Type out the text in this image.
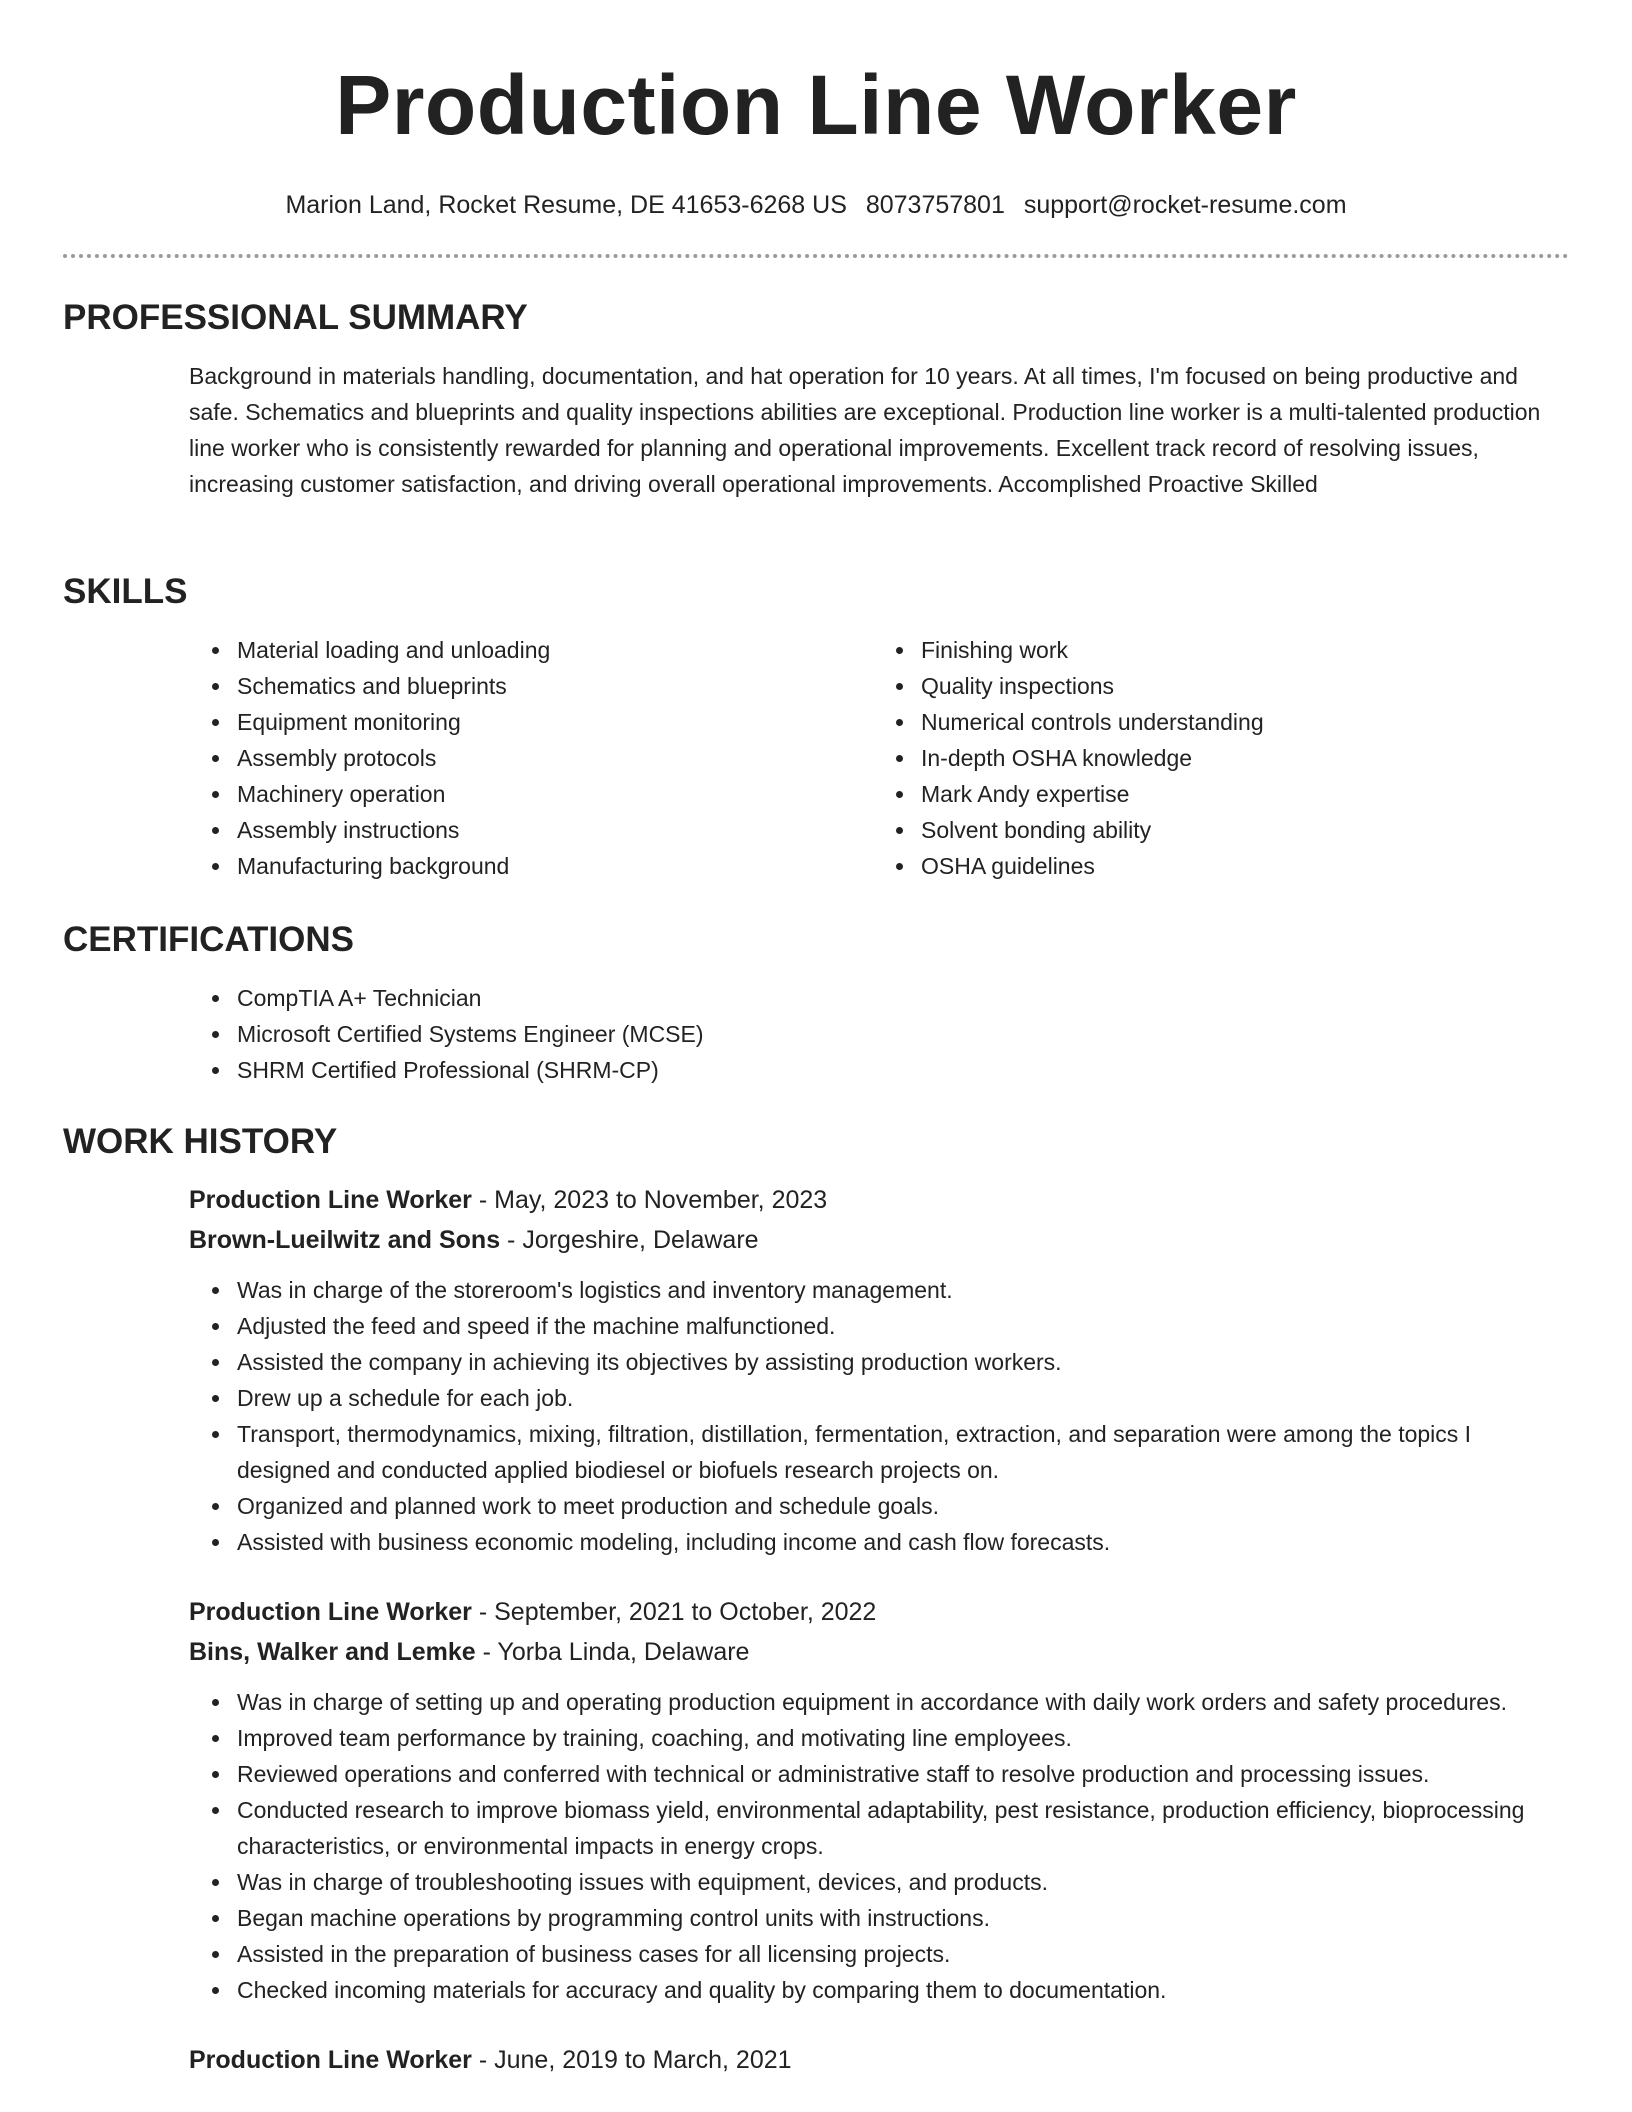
Production Line Worker
Marion Land, Rocket Resume, DE 41653-6268 US 8073757801 support@rocket-resume.com
PROFESSIONAL SUMMARY
Background in materials handling, documentation, and hat operation for 10 years. At all times, I'm focused on being productive and safe. Schematics and blueprints and quality inspections abilities are exceptional. Production line worker is a multi-talented production line worker who is consistently rewarded for planning and operational improvements. Excellent track record of resolving issues, increasing customer satisfaction, and driving overall operational improvements. Accomplished Proactive Skilled
SKILLS
• Material loading and unloading
• Schematics and blueprints
• Equipment monitoring
• Assembly protocols
• Machinery operation
• Assembly instructions
• Manufacturing background
• Finishing work
• Quality inspections
• Numerical controls understanding
• In-depth OSHA knowledge
• Mark Andy expertise
• Solvent bonding ability
• OSHA guidelines
CERTIFICATIONS
• CompTIA A+ Technician
• Microsoft Certified Systems Engineer (MCSE)
• SHRM Certified Professional (SHRM-CP)
WORK HISTORY
Production Line Worker - May, 2023 to November, 2023
Brown-Lueilwitz and Sons - Jorgeshire, Delaware
• Was in charge of the storeroom's logistics and inventory management.
• Adjusted the feed and speed if the machine malfunctioned.
• Assisted the company in achieving its objectives by assisting production workers.
• Drew up a schedule for each job.
• Transport, thermodynamics, mixing, filtration, distillation, fermentation, extraction, and separation were among the topics I designed and conducted applied biodiesel or biofuels research projects on.
• Organized and planned work to meet production and schedule goals.
• Assisted with business economic modeling, including income and cash flow forecasts.
Production Line Worker - September, 2021 to October, 2022
Bins, Walker and Lemke - Yorba Linda, Delaware
• Was in charge of setting up and operating production equipment in accordance with daily work orders and safety procedures.
• Improved team performance by training, coaching, and motivating line employees.
• Reviewed operations and conferred with technical or administrative staff to resolve production and processing issues.
• Conducted research to improve biomass yield, environmental adaptability, pest resistance, production efficiency, bioprocessing characteristics, or environmental impacts in energy crops.
• Was in charge of troubleshooting issues with equipment, devices, and products.
• Began machine operations by programming control units with instructions.
• Assisted in the preparation of business cases for all licensing projects.
• Checked incoming materials for accuracy and quality by comparing them to documentation.
Production Line Worker - June, 2019 to March, 2021
